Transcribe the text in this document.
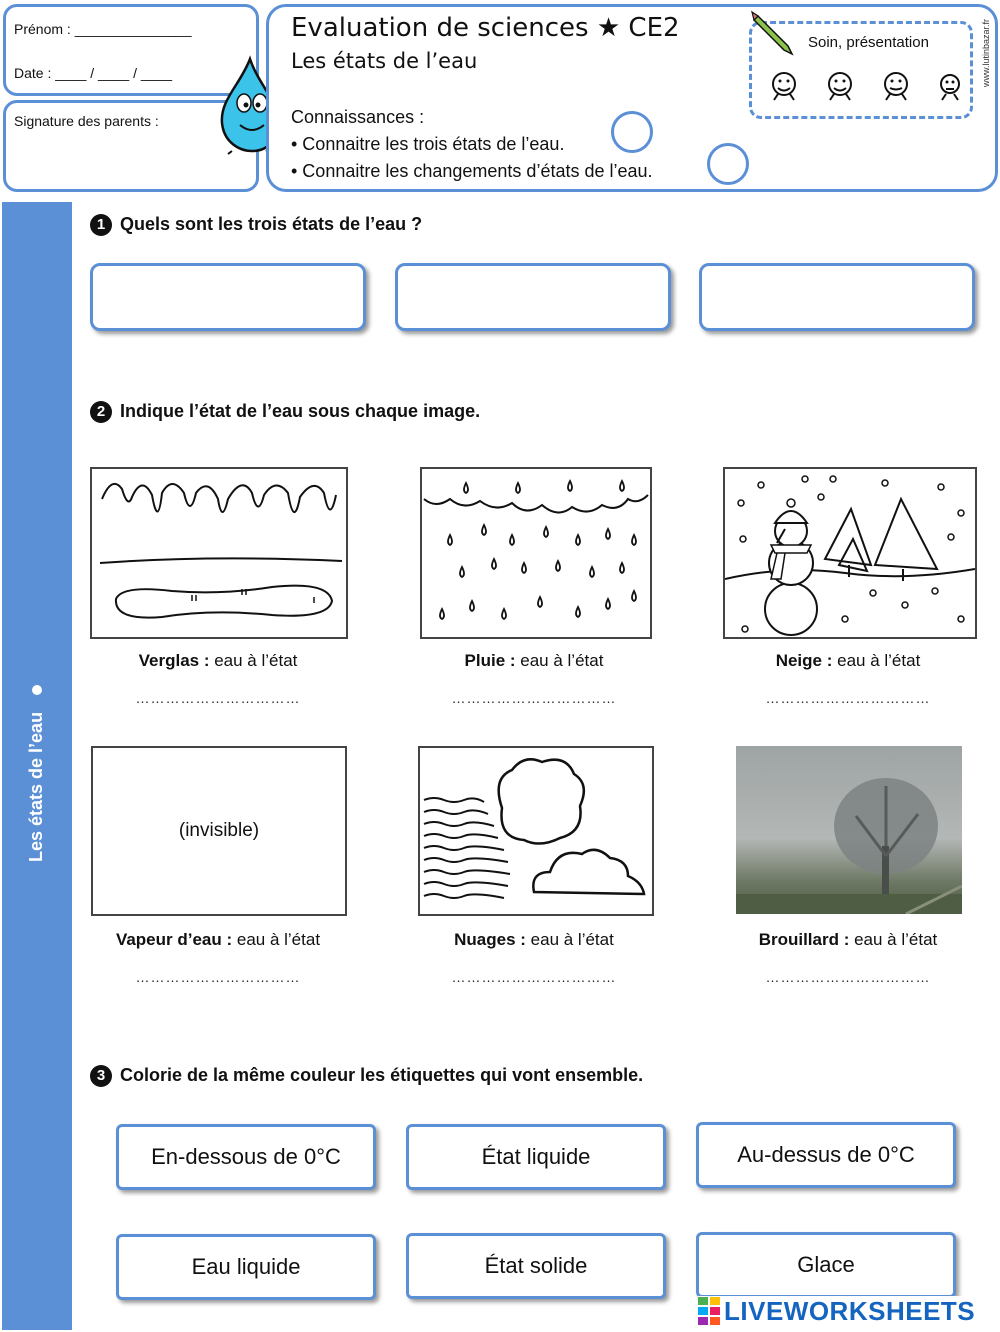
Prénom : _______________
Date : ____ / ____ / ____
Signature des parents :
Evaluation de sciences ★ CE2
Les états de l’eau
Connaissances :
• Connaitre les trois états de l’eau.
• Connaitre les changements d’états de l’eau.
Soin, présentation	www.lutinbazar.fr
Les états de l’eau
1 Quels sont les trois états de l’eau ?
2 Indique l’état de l’eau sous chaque image.
Verglas : eau à l’état
……………………………
Pluie : eau à l’état
……………………………
Neige : eau à l’état
……………………………
(invisible)
Vapeur d’eau : eau à l’état
……………………………
Nuages : eau à l’état
……………………………
Brouillard : eau à l’état
……………………………
3 Colorie de la même couleur les étiquettes qui vont ensemble.
En-dessous de 0°C	État liquide	Au-dessus de 0°C
Eau liquide	État solide	Glace
LIVEWORKSHEETS
